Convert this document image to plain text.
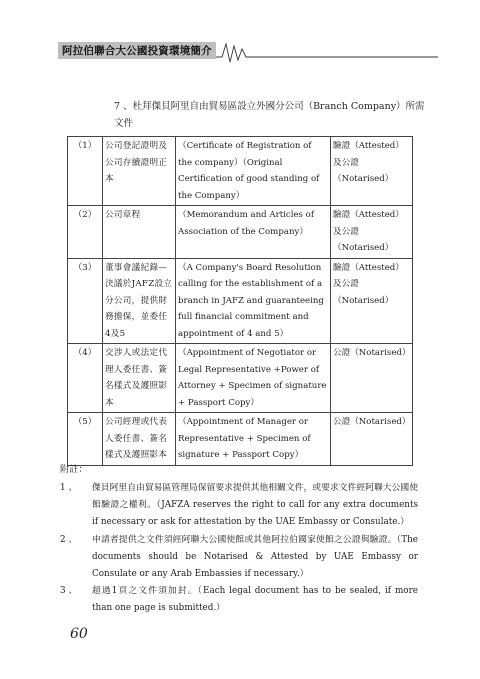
阿拉伯聯合大公國投資環境簡介
7 、杜拜傑貝阿里自由貿易區設立外國分公司（Branch Company）所需文件
（1）	公司登記證明及公司存續證明正本	（Certificate of Registration of the company）（Original Certification of good standing of the Company）	驗證（Attested）及公證（Notarised）
（2）	公司章程	（Memorandum and Articles of Association of the Company）	驗證（Attested）及公證（Notarised）
（3）	董事會議紀錄—決議於JAFZ設立分公司，提供財務擔保，並委任4及5	（A Company's Board Resolution calling for the establishment of a branch in JAFZ and guaranteeing full financial commitment and appointment of 4 and 5）	驗證（Attested）及公證（Notarised）
（4）	交涉人或法定代理人委任書、簽名樣式及護照影本	（Appointment of Negotiator or Legal Representative +Power of Attorney + Specimen of signature + Passport Copy）	公證（Notarised）
（5）	公司經理或代表人委任書、簽名樣式及護照影本	（Appointment of Manager or Representative + Specimen of signature + Passport Copy）	公證（Notarised）
附註：
1 、	傑貝阿里自由貿易區管理局保留要求提供其他相關文件，或要求文件經阿聯大公國使館驗證之權利。（JAFZA reserves the right to call for any extra documents if necessary or ask for attestation by the UAE Embassy or Consulate.）
2 、	申請者提供之文件須經阿聯大公國使館或其他阿拉伯國家使館之公證與驗證。（The documents should be Notarised & Attested by UAE Embassy or Consulate or any Arab Embassies if necessary.）
3 、	超過1頁之文件須加封。（Each legal document has to be sealed, if more than one page is submitted.）
60
